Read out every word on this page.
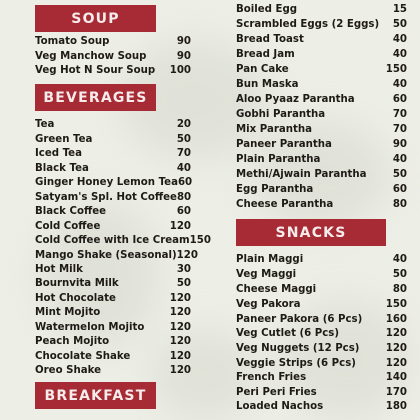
SOUP
Tomato Soup	90
Veg Manchow Soup	90
Veg Hot N Sour Soup 100
BEVERAGES
Tea	20
Green Tea	50
Iced Tea	70
Black Tea	40
Ginger Honey Lemon Tea 60
Satyam's Spl. Hot Coffee 80
Black Coffee	60
Cold Coffee	120
Cold Coffee with Ice Cream 150
Mango Shake (Seasonal) 120
Hot Milk	30
Bournvita Milk	50
Hot Chocolate	120
Mint Mojito	120
Watermelon Mojito 120
Peach Mojito	120
Chocolate Shake	120
Oreo Shake	120
BREAKFAST
Boiled Egg	15
Scrambled Eggs (2 Eggs) 50
Bread Toast	40
Bread Jam	40
Pan Cake	150
Bun Maska	40
Aloo Pyaaz Parantha	60
Gobhi Parantha	70
Mix Parantha	70
Paneer Parantha	90
Plain Parantha	40
Methi/Ajwain Parantha	50
Egg Parantha	60
Cheese Parantha	80
SNACKS
Plain Maggi	40
Veg Maggi	50
Cheese Maggi	80
Veg Pakora	150
Paneer Pakora (6 Pcs) 160
Veg Cutlet (6 Pcs)	120
Veg Nuggets (12 Pcs)	120
Veggie Strips (6 Pcs)	120
French Fries	140
Peri Peri Fries	170
Loaded Nachos	180
